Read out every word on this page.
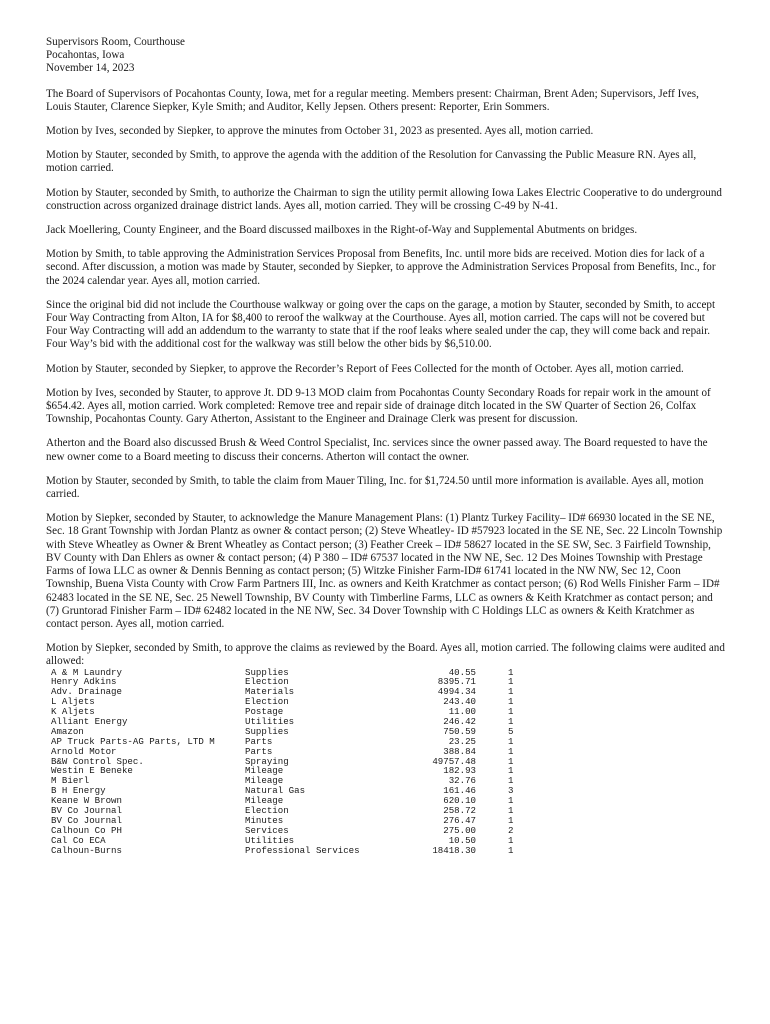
Supervisors Room, Courthouse
Pocahontas, Iowa
November 14, 2023

The Board of Supervisors of Pocahontas County, Iowa, met for a regular meeting. Members present: Chairman, Brent Aden; Supervisors, Jeff Ives, Louis Stauter, Clarence Siepker, Kyle Smith; and Auditor, Kelly Jepsen. Others present: Reporter, Erin Sommers.

Motion by Ives, seconded by Siepker, to approve the minutes from October 31, 2023 as presented. Ayes all, motion carried.

Motion by Stauter, seconded by Smith, to approve the agenda with the addition of the Resolution for Canvassing the Public Measure RN. Ayes all, motion carried.

Motion by Stauter, seconded by Smith, to authorize the Chairman to sign the utility permit allowing Iowa Lakes Electric Cooperative to do underground construction across organized drainage district lands. Ayes all, motion carried. They will be crossing C-49 by N-41.

Jack Moellering, County Engineer, and the Board discussed mailboxes in the Right-of-Way and Supplemental Abutments on bridges.

Motion by Smith, to table approving the Administration Services Proposal from Benefits, Inc. until more bids are received. Motion dies for lack of a second. After discussion, a motion was made by Stauter, seconded by Siepker, to approve the Administration Services Proposal from Benefits, Inc., for the 2024 calendar year. Ayes all, motion carried.

Since the original bid did not include the Courthouse walkway or going over the caps on the garage, a motion by Stauter, seconded by Smith, to accept Four Way Contracting from Alton, IA for $8,400 to reroof the walkway at the Courthouse. Ayes all, motion carried. The caps will not be covered but Four Way Contracting will add an addendum to the warranty to state that if the roof leaks where sealed under the cap, they will come back and repair. Four Way’s bid with the additional cost for the walkway was still below the other bids by $6,510.00.

Motion by Stauter, seconded by Siepker, to approve the Recorder’s Report of Fees Collected for the month of October. Ayes all, motion carried.

Motion by Ives, seconded by Stauter, to approve Jt. DD 9-13 MOD claim from Pocahontas County Secondary Roads for repair work in the amount of $654.42. Ayes all, motion carried. Work completed: Remove tree and repair side of drainage ditch located in the SW Quarter of Section 26, Colfax Township, Pocahontas County. Gary Atherton, Assistant to the Engineer and Drainage Clerk was present for discussion.

Atherton and the Board also discussed Brush & Weed Control Specialist, Inc. services since the owner passed away. The Board requested to have the new owner come to a Board meeting to discuss their concerns. Atherton will contact the owner.

Motion by Stauter, seconded by Smith, to table the claim from Mauer Tiling, Inc. for $1,724.50 until more information is available. Ayes all, motion carried.

Motion by Siepker, seconded by Stauter, to acknowledge the Manure Management Plans: (1) Plantz Turkey Facility– ID# 66930 located in the SE NE, Sec. 18 Grant Township with Jordan Plantz as owner & contact person; (2) Steve Wheatley- ID #57923 located in the SE NE, Sec. 22 Lincoln Township with Steve Wheatley as Owner & Brent Wheatley as Contact person; (3) Feather Creek – ID# 58627 located in the SE SW, Sec. 3 Fairfield Township, BV County with Dan Ehlers as owner & contact person; (4) P 380 – ID# 67537 located in the NW NE, Sec. 12 Des Moines Township with Prestage Farms of Iowa LLC as owner & Dennis Benning as contact person; (5) Witzke Finisher Farm-ID# 61741 located in the NW NW, Sec 12, Coon Township, Buena Vista County with Crow Farm Partners III, Inc. as owners and Keith Kratchmer as contact person; (6) Rod Wells Finisher Farm – ID# 62483 located in the SE NE, Sec. 25 Newell Township, BV County with Timberline Farms, LLC as owners & Keith Kratchmer as contact person; and (7) Gruntorad Finisher Farm – ID# 62482 located in the NE NW, Sec. 34 Dover Township with C Holdings LLC as owners & Keith Kratchmer as contact person. Ayes all, motion carried.

Motion by Siepker, seconded by Smith, to approve the claims as reviewed by the Board. Ayes all, motion carried. The following claims were audited and allowed:

A & M Laundry	Supplies	40.55	1
Henry Adkins	Election	8395.71	1
Adv. Drainage	Materials	4994.34	1
L Aljets	Election	243.40	1
K Aljets	Postage	11.00	1
Alliant Energy	Utilities	246.42	1
Amazon	Supplies	750.59	5
AP Truck Parts-AG Parts, LTD M	Parts	23.25	1
Arnold Motor	Parts	388.84	1
B&W Control Spec.	Spraying	49757.48	1
Westin E Beneke	Mileage	182.93	1
M Bierl	Mileage	32.76	1
B H Energy	Natural Gas	161.46	3
Keane W Brown	Mileage	620.10	1
BV Co Journal	Election	258.72	1
BV Co Journal	Minutes	276.47	1
Calhoun Co PH	Services	275.00	2
Cal Co ECA	Utilities	10.50	1
Calhoun-Burns	Professional Services	18418.30	1
